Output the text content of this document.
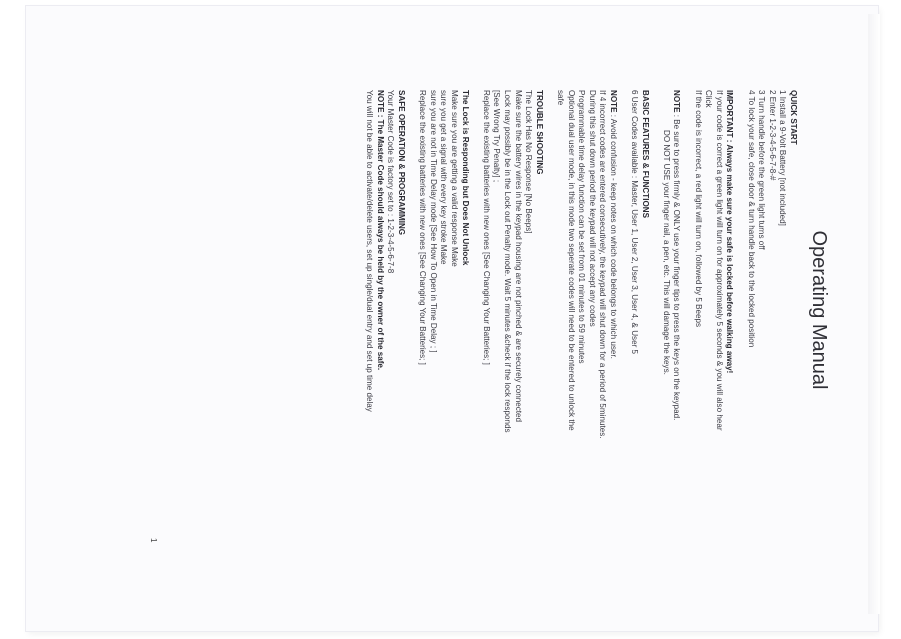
Operating Manual
QUICK START
1 Install a 9-Volt Battery [not included]
2 Enter 1-2-3-4-5-6-7-8-#
3 Turn handle before the green light turns off
4 To lock your safe, close door & turn handle back to the locked position
IMPORTANT : Always make sure your safe is locked before walking away!
If your code is correct a green light will turn on for approximately 5 seconds & you will also hear
Click
If the code is incorrect, a red light will turn on, followed by 5 Beeps
NOTE : Be sure to press firmly & ONLY use your finger tips to press the keys on the keypad.
DO NOT USE your finger nail, a pen, etc. This will damage the keys.
BASIC FEATURES & FUNCTIONS
6 User Codes available : Master, User 1, User 2, User 3, User 4, & User 5
NOTE : Avoid confusion - keep notes on which code belongs to which user.
If 4 incorrect codes are entered consecutively, the keypad will shut down for a period of 5minutes.
During this shut down period the keypad will not accept any codes
Programmable time delay function can be set from 01 minutes to 59 minutes
Optional dual user mode, in this mode two seperate codes will need to be entered to unlock the
safe
TROUBLE SHOOTING
The Lock Has No Response [No Beeps]
Make sure the battery wires in the keypad housing are not pinched & are securely connected
Lock may possibly be in the Lock out Penalty mode. Wait 5 minutes &check if the lock responds
[See Wrong Try Penalty] ;
Replace the existing batteries with new ones [See Changing Your Batteries; ]
The Lock is Responding but Does Not Unlock
Make sure you are getting a valid response Make
sure you get a signal with every key stroke Make
sure you are not in Time Delay mode [See How To Open in Time Delay ; ]
Replace the existing batteries with new ones [See Changing Your Batteries; ]
SAFE OPERATION & PROGRAMMING
Your Master Code is factory set to : 1-2-3-4-5-6-7-8
NOTE : The Master Code should always be held by the owner of the safe.
You will not be able to activate/delete users, set up single/dual entry and set up time delay
1
